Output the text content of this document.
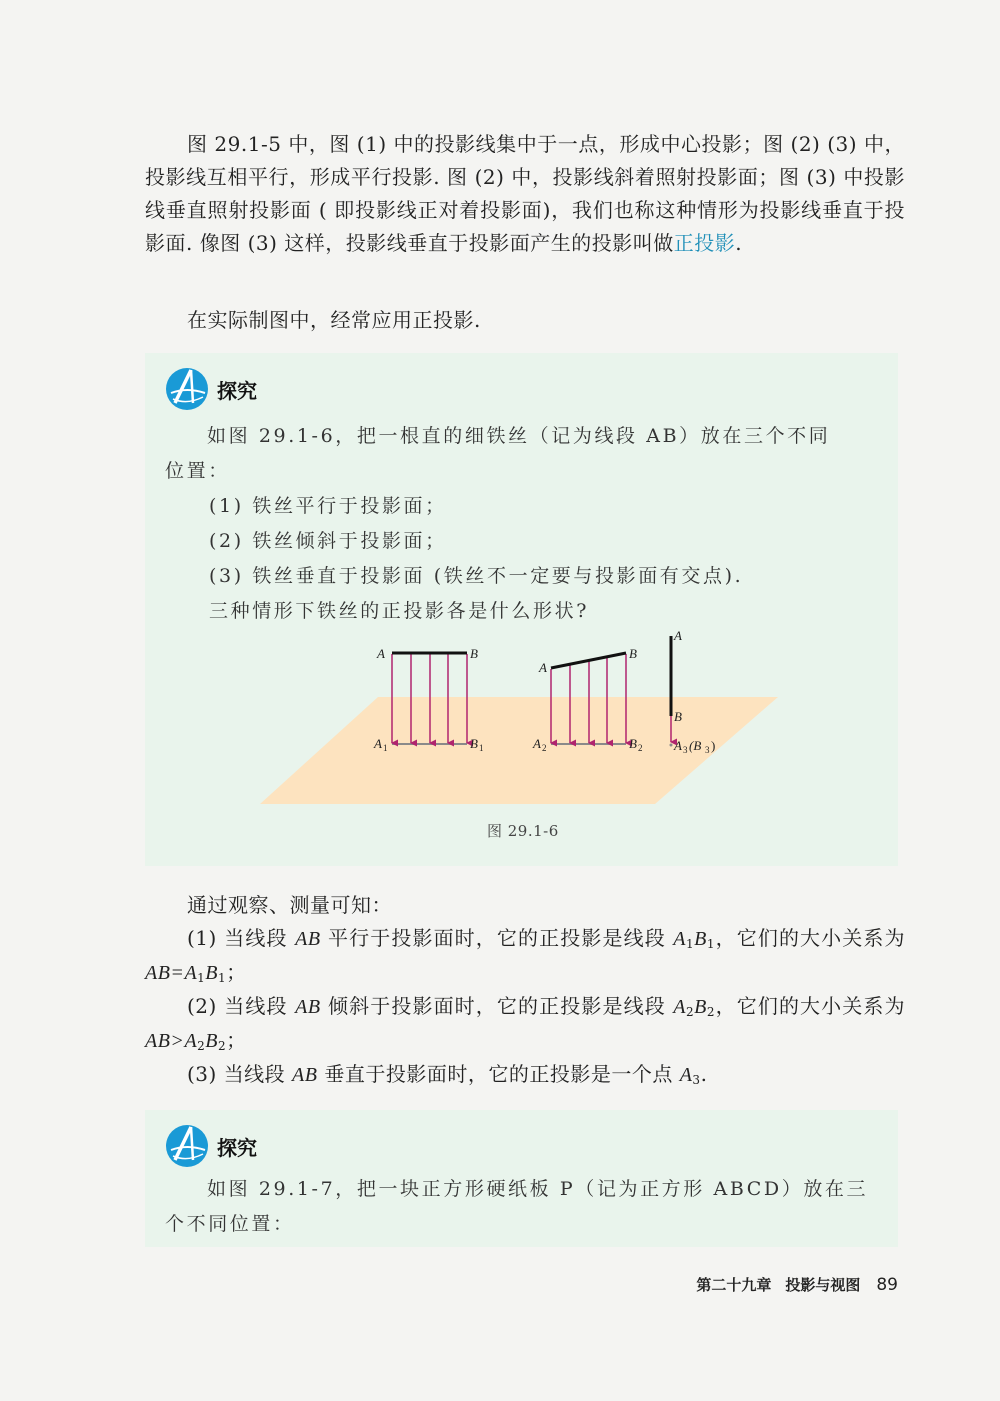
图 29.1-5 中，图 (1) 中的投影线集中于一点，形成中心投影；图 (2) (3) 中，投影线互相平行，形成平行投影. 图 (2) 中，投影线斜着照射投影面；图 (3) 中投影线垂直照射投影面 ( 即投影线正对着投影面)，我们也称这种情形为投影线垂直于投影面. 像图 (3) 这样，投影线垂直于投影面产生的投影叫做正投影.
在实际制图中，经常应用正投影.
探究
如图 29.1-6，把一根直的细铁丝（记为线段 AB）放在三个不同
位置：
(1) 铁丝平行于投影面；
(2) 铁丝倾斜于投影面；
(3) 铁丝垂直于投影面 (铁丝不一定要与投影面有交点).
三种情形下铁丝的正投影各是什么形状?
A	B
A 1	B 1
A
B
A 2	B 2
A
B
A 3 (B 3 )
图 29.1-6
通过观察、测量可知：
(1) 当线段 AB 平行于投影面时，它的正投影是线段 $A_1B_1$，它们的大小关系为 $AB=A_1B_1$；
(2) 当线段 AB 倾斜于投影面时，它的正投影是线段 $A_2B_2$，它们的大小关系为 $AB>A_2B_2$；
(3) 当线段 AB 垂直于投影面时，它的正投影是一个点 $A_3$.
探究
如图 29.1-7，把一块正方形硬纸板 P（记为正方形 ABCD）放在三
个不同位置：
第二十九章 投影与视图 89
